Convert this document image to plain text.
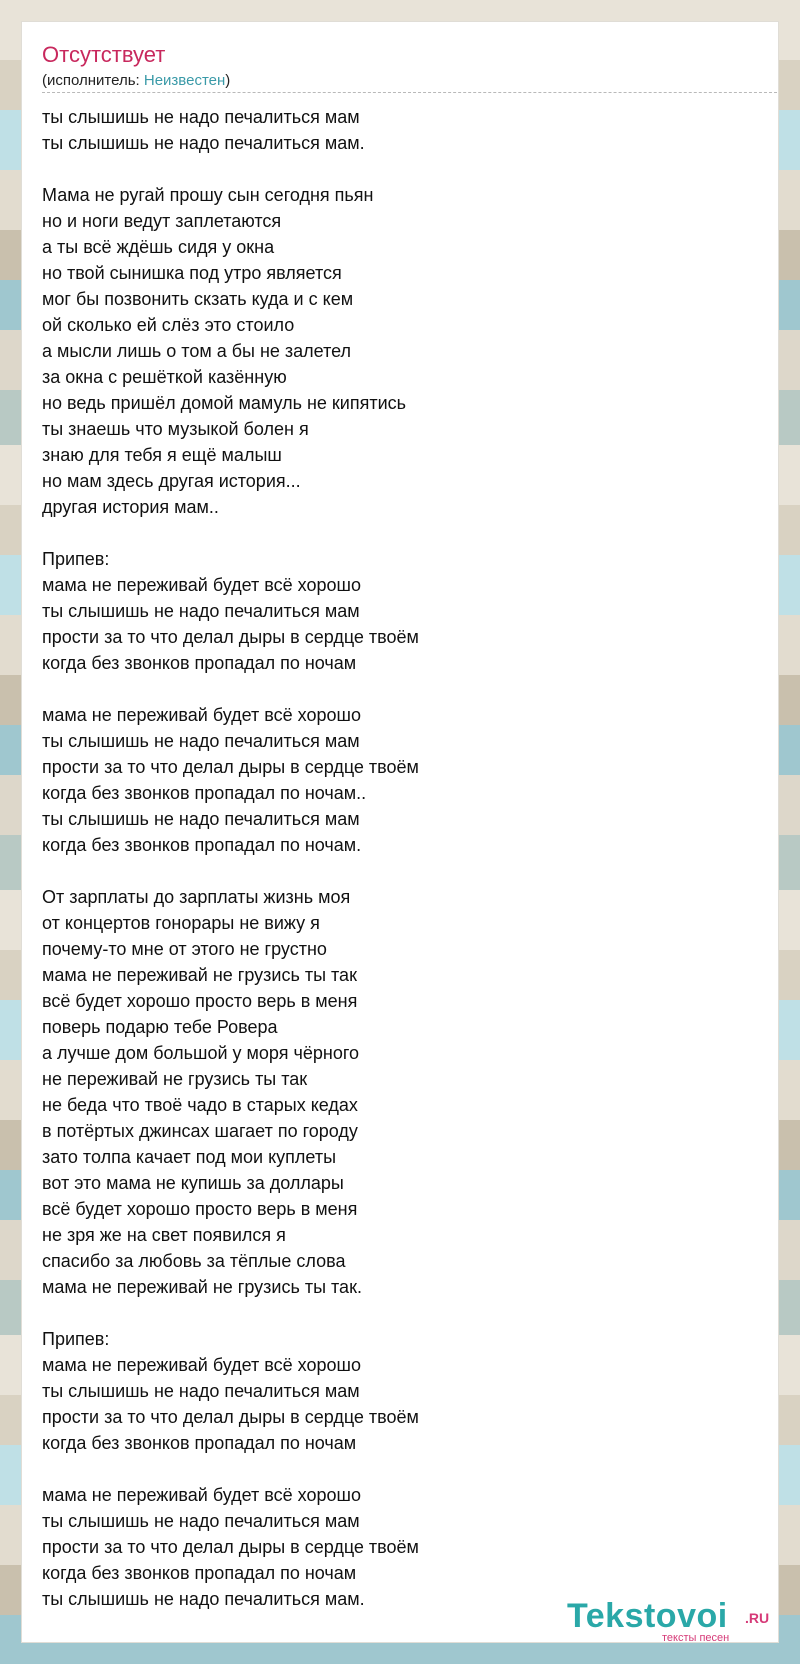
Отсутствует
(исполнитель: Неизвестен)
ты слышишь не надо печалиться мам
ты слышишь не надо печалиться мам.

Мама не ругай прошу сын сегодня пьян
но и ноги ведут заплетаются
а ты всё ждёшь сидя у окна
но твой сынишка под утро является
мог бы позвонить скзать куда и с кем
ой сколько ей слёз это стоило
а мысли лишь о том а бы не залетел
за окна с решёткой казённую
но ведь пришёл домой мамуль не кипятись
ты знаешь что музыкой болен я
знаю для тебя я ещё малыш
но мам здесь другая история...
другая история мам..

Припев:
мама не переживай будет всё хорошо
ты слышишь не надо печалиться мам
прости за то что делал дыры в сердце твоём
когда без звонков пропадал по ночам

мама не переживай будет всё хорошо
ты слышишь не надо печалиться мам
прости за то что делал дыры в сердце твоём
когда без звонков пропадал по ночам..
ты слышишь не надо печалиться мам
когда без звонков пропадал по ночам.

От зарплаты до зарплаты жизнь моя
от концертов гонорары не вижу я
почему-то мне от этого не грустно
мама не переживай не грузись ты так
всё будет хорошо просто верь в меня
поверь подарю тебе Ровера
а лучше дом большой у моря чёрного
не переживай не грузись ты так
не беда что твоё чадо в старых кедах
в потёртых джинсах шагает по городу
зато толпа качает под мои куплеты
вот это мама не купишь за доллары
всё будет хорошо просто верь в меня
не зря же на свет появился я
спасибо за любовь за тёплые слова
мама не переживай не грузись ты так.

Припев:
мама не переживай будет всё хорошо
ты слышишь не надо печалиться мам
прости за то что делал дыры в сердце твоём
когда без звонков пропадал по ночам

мама не переживай будет всё хорошо
ты слышишь не надо печалиться мам
прости за то что делал дыры в сердце твоём
когда без звонков пропадал по ночам
ты слышишь не надо печалиться мам.	Tekstovoi .RU
тексты песен
